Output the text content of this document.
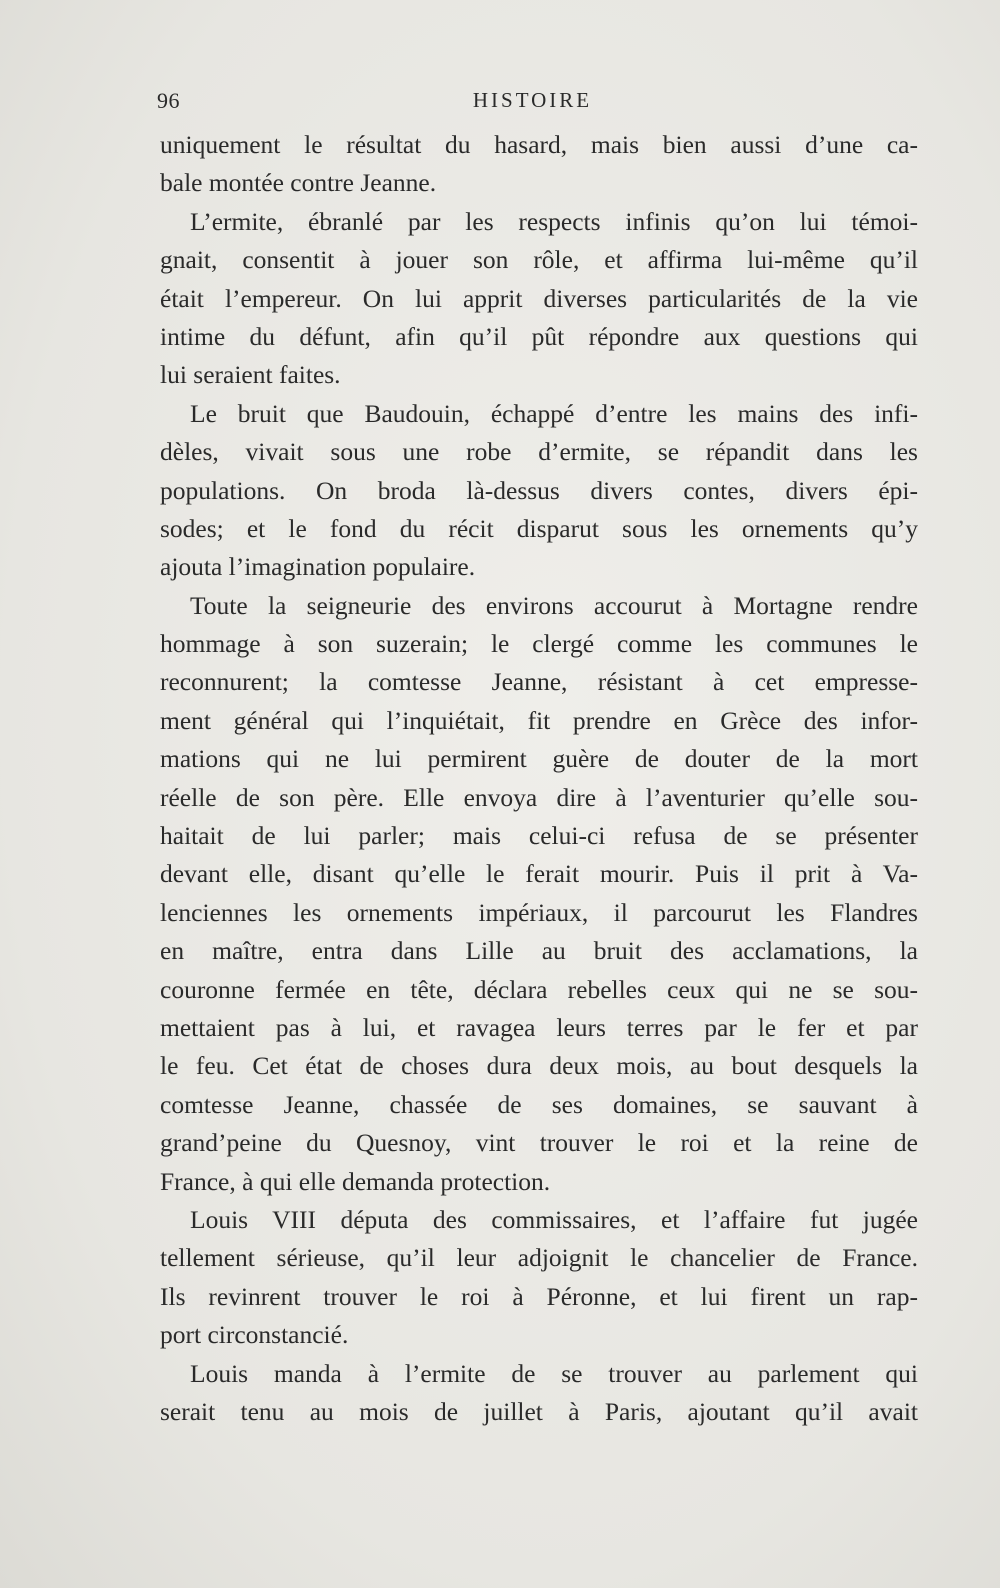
96	HISTOIRE
uniquement le résultat du hasard, mais bien aussi d’une ca-
bale montée contre Jeanne.
L’ermite, ébranlé par les respects infinis qu’on lui témoi-
gnait, consentit à jouer son rôle, et affirma lui-même qu’il
était l’empereur. On lui apprit diverses particularités de la vie
intime du défunt, afin qu’il pût répondre aux questions qui
lui seraient faites.
Le bruit que Baudouin, échappé d’entre les mains des infi-
dèles, vivait sous une robe d’ermite, se répandit dans les
populations. On broda là-dessus divers contes, divers épi-
sodes; et le fond du récit disparut sous les ornements qu’y
ajouta l’imagination populaire.
Toute la seigneurie des environs accourut à Mortagne rendre
hommage à son suzerain; le clergé comme les communes le
reconnurent; la comtesse Jeanne, résistant à cet empresse-
ment général qui l’inquiétait, fit prendre en Grèce des infor-
mations qui ne lui permirent guère de douter de la mort
réelle de son père. Elle envoya dire à l’aventurier qu’elle sou-
haitait de lui parler; mais celui-ci refusa de se présenter
devant elle, disant qu’elle le ferait mourir. Puis il prit à Va-
lenciennes les ornements impériaux, il parcourut les Flandres
en maître, entra dans Lille au bruit des acclamations, la
couronne fermée en tête, déclara rebelles ceux qui ne se sou-
mettaient pas à lui, et ravagea leurs terres par le fer et par
le feu. Cet état de choses dura deux mois, au bout desquels la
comtesse Jeanne, chassée de ses domaines, se sauvant à
grand’peine du Quesnoy, vint trouver le roi et la reine de
France, à qui elle demanda protection.
Louis VIII députa des commissaires, et l’affaire fut jugée
tellement sérieuse, qu’il leur adjoignit le chancelier de France.
Ils revinrent trouver le roi à Péronne, et lui firent un rap-
port circonstancié.
Louis manda à l’ermite de se trouver au parlement qui
serait tenu au mois de juillet à Paris, ajoutant qu’il avait
